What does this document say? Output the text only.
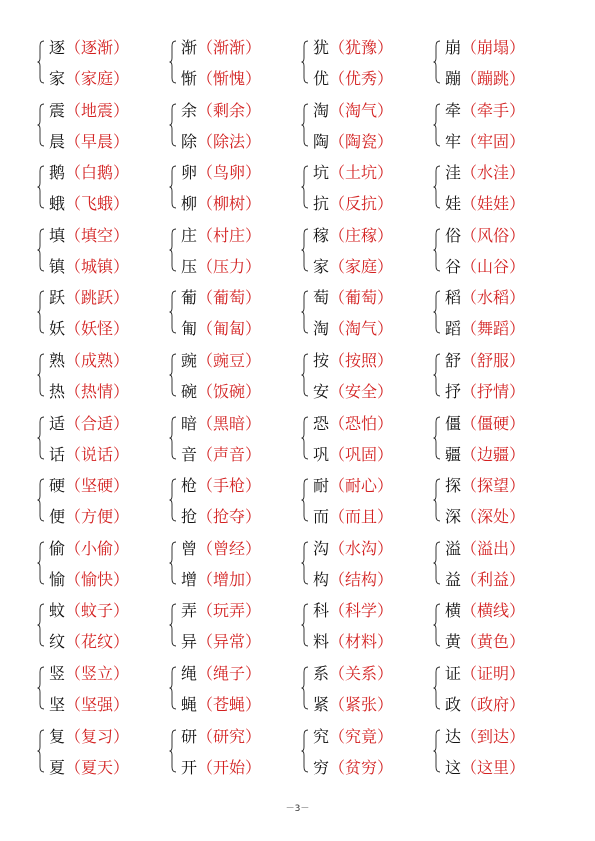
逐（逐渐）
家（家庭）
渐（渐渐）
惭（惭愧）
犹（犹豫）
优（优秀）
崩（崩塌）
蹦（蹦跳）
震（地震）
晨（早晨）
余（剩余）
除（除法）
淘（淘气）
陶（陶瓷）
牵（牵手）
牢（牢固）
鹅（白鹅）
蛾（飞蛾）
卵（鸟卵）
柳（柳树）
坑（土坑）
抗（反抗）
洼（水洼）
娃（娃娃）
填（填空）
镇（城镇）
庄（村庄）
压（压力）
稼（庄稼）
家（家庭）
俗（风俗）
谷（山谷）
跃（跳跃）
妖（妖怪）
葡（葡萄）
匍（匍匐）
萄（葡萄）
淘（淘气）
稻（水稻）
蹈（舞蹈）
熟（成熟）
热（热情）
豌（豌豆）
碗（饭碗）
按（按照）
安（安全）
舒（舒服）
抒（抒情）
适（合适）
话（说话）
暗（黑暗）
音（声音）
恐（恐怕）
巩（巩固）
僵（僵硬）
疆（边疆）
硬（坚硬）
便（方便）
枪（手枪）
抢（抢夺）
耐（耐心）
而（而且）
探（探望）
深（深处）
偷（小偷）
愉（愉快）
曾（曾经）
增（增加）
沟（水沟）
构（结构）
溢（溢出）
益（利益）
蚊（蚊子）
纹（花纹）
弄（玩弄）
异（异常）
科（科学）
料（材料）
横（横线）
黄（黄色）
竖（竖立）
坚（坚强）
绳（绳子）
蝇（苍蝇）
系（关系）
紧（紧张）
证（证明）
政（政府）
复（复习）
夏（夏天）
研（研究）
开（开始）
究（究竟）
穷（贫穷）
达（到达）
这（这里）
－3－
